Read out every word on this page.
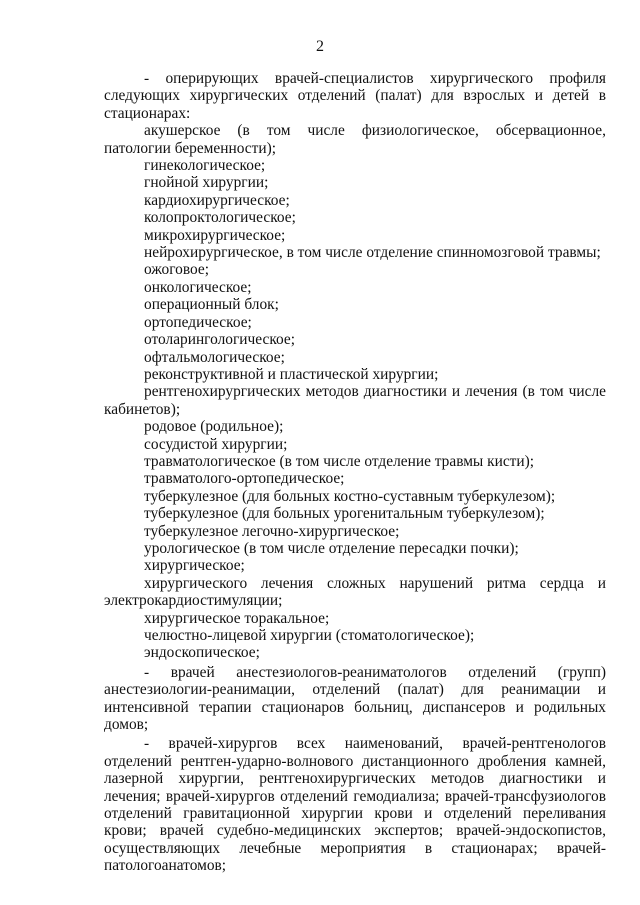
2

- оперирующих врачей-специалистов хирургического профиля следующих хирургических отделений (палат) для взрослых и детей в стационарах:

акушерское (в том числе физиологическое, обсервационное, патологии беременности);

гинекологическое;

гнойной хирургии;

кардиохирургическое;

колопроктологическое;

микрохирургическое;

нейрохирургическое, в том числе отделение спинномозговой травмы;

ожоговое;

онкологическое;

операционный блок;

ортопедическое;

отоларингологическое;

офтальмологическое;

реконструктивной и пластической хирургии;

рентгенохирургических методов диагностики и лечения (в том числе кабинетов);

родовое (родильное);

сосудистой хирургии;

травматологическое (в том числе отделение травмы кисти);

травматолого-ортопедическое;

туберкулезное (для больных костно-суставным туберкулезом);

туберкулезное (для больных урогенитальным туберкулезом);

туберкулезное легочно-хирургическое;

урологическое (в том числе отделение пересадки почки);

хирургическое;

хирургического лечения сложных нарушений ритма сердца и электрокардиостимуляции;

хирургическое торакальное;

челюстно-лицевой хирургии (стоматологическое);

эндоскопическое;

- врачей анестезиологов-реаниматологов отделений (групп) анестезиологии-реанимации, отделений (палат) для реанимации и интенсивной терапии стационаров больниц, диспансеров и родильных домов;

- врачей-хирургов всех наименований, врачей-рентгенологов отделений рентген-ударно-волнового дистанционного дробления камней, лазерной хирургии, рентгенохирургических методов диагностики и лечения; врачей-хирургов отделений гемодиализа; врачей-трансфузиологов отделений гравитационной хирургии крови и отделений переливания крови; врачей судебно-медицинских экспертов; врачей-эндоскопистов, осуществляющих лечебные мероприятия в стационарах; врачей-патологоанатомов;
